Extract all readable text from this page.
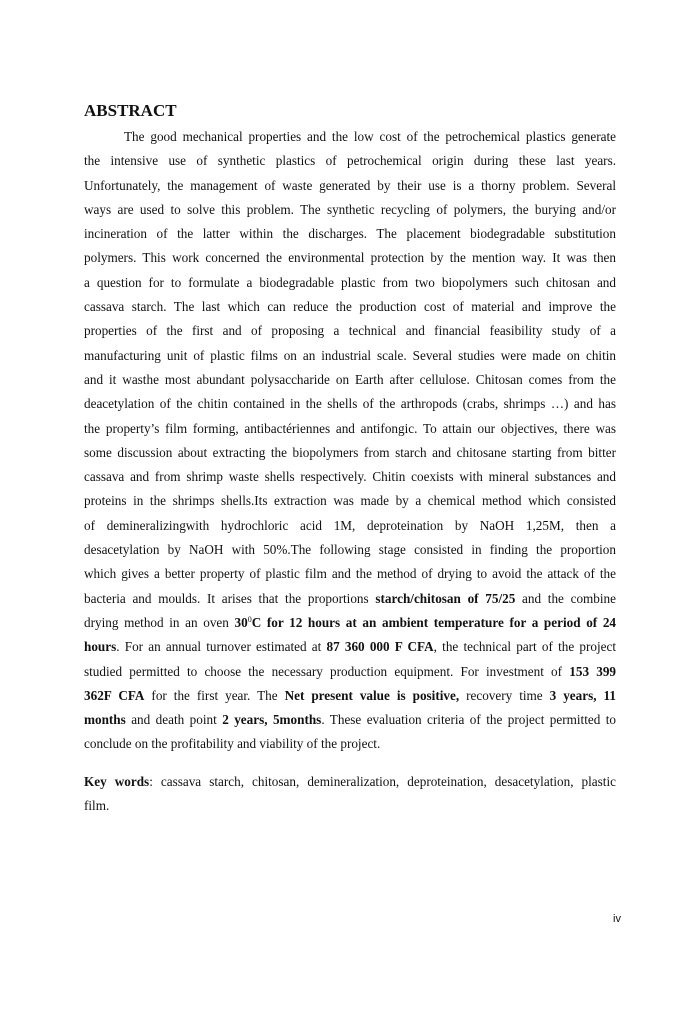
ABSTRACT
The good mechanical properties and the low cost of the petrochemical plastics generate
the intensive use of synthetic plastics of petrochemical origin during these last years.
Unfortunately, the management of waste generated by their use is a thorny problem. Several
ways are used to solve this problem. The synthetic recycling of polymers, the burying and/or
incineration of the latter within the discharges. The placement biodegradable substitution
polymers. This work concerned the environmental protection by the mention way. It was then
a question for to formulate a biodegradable plastic from two biopolymers such chitosan and
cassava starch. The last which can reduce the production cost of material and improve the
properties of the first and of proposing a technical and financial feasibility study of a
manufacturing unit of plastic films on an industrial scale. Several studies were made on chitin
and it wasthe most abundant polysaccharide on Earth after cellulose. Chitosan comes from the
deacetylation of the chitin contained in the shells of the arthropods (crabs, shrimps …) and has
the property’s film forming, antibactériennes and antifongic. To attain our objectives, there was
some discussion about extracting the biopolymers from starch and chitosane starting from bitter
cassava and from shrimp waste shells respectively. Chitin coexists with mineral substances and
proteins in the shrimps shells.Its extraction was made by a chemical method which consisted
of demineralizingwith hydrochloric acid 1M, deproteination by NaOH 1,25M, then a
desacetylation by NaOH with 50%.The following stage consisted in finding the proportion
which gives a better property of plastic film and the method of drying to avoid the attack of the
bacteria and moulds. It arises that the proportions starch/chitosan of 75/25 and the combine
drying method in an oven $30^0C$ for 12 hours at an ambient temperature for a period of 24
hours. For an annual turnover estimated at 87 360 000 F CFA, the technical part of the project
studied permitted to choose the necessary production equipment. For investment of 153 399
362F CFA for the first year. The Net present value is positive, recovery time 3 years, 11
months and death point 2 years, 5months. These evaluation criteria of the project permitted to
conclude on the profitability and viability of the project.
Key words: cassava starch, chitosan, demineralization, deproteination, desacetylation, plastic
film.
iv
